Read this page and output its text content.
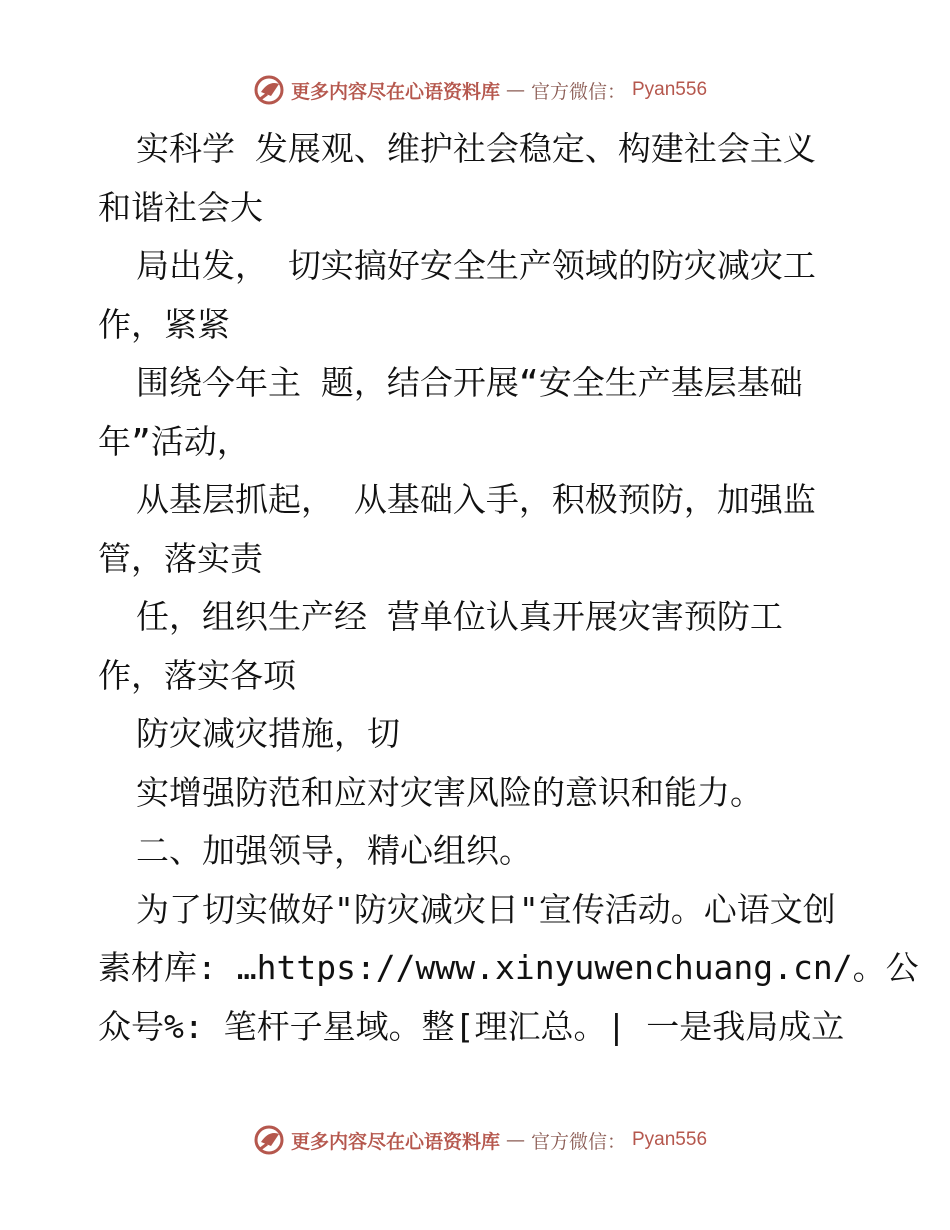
更多内容尽在心语资料库 — 官方微信： Pyan556

实科学 发展观、维护社会稳定、构建社会主义

和谐社会大

局出发， 切实搞好安全生产领域的防灾减灾工

作，紧紧

围绕今年主 题，结合开展“安全生产基层基础

年”活动，

从基层抓起， 从基础入手，积极预防，加强监

管，落实责

任，组织生产经 营单位认真开展灾害预防工

作，落实各项

防灾减灾措施，切

实增强防范和应对灾害风险的意识和能力。

二、加强领导，精心组织。

为了切实做好"防灾减灾日"宣传活动。心语文创

素材库: …https://www.xinyuwenchuang.cn/。公

众号%: 笔杆子星域。整[理汇总。| 一是我局成立

更多内容尽在心语资料库 — 官方微信： Pyan556
